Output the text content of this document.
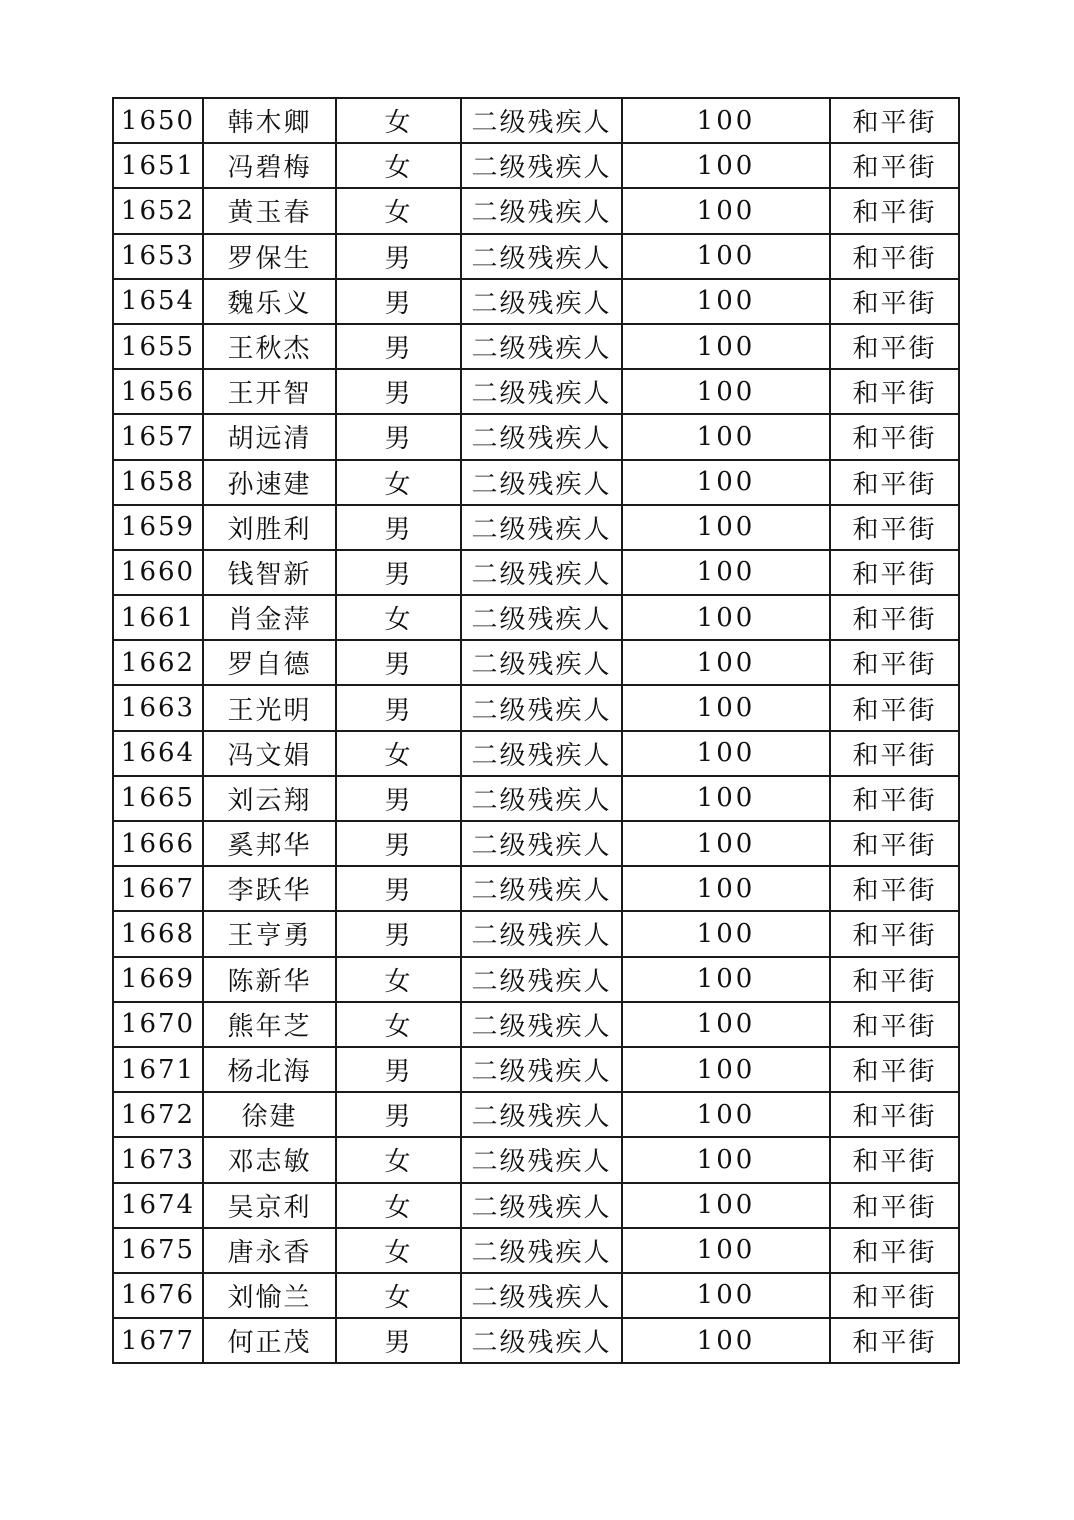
1650	韩木卿	女	二级残疾人	100	和平街
1651	冯碧梅	女	二级残疾人	100	和平街
1652	黄玉春	女	二级残疾人	100	和平街
1653	罗保生	男	二级残疾人	100	和平街
1654	魏乐义	男	二级残疾人	100	和平街
1655	王秋杰	男	二级残疾人	100	和平街
1656	王开智	男	二级残疾人	100	和平街
1657	胡远清	男	二级残疾人	100	和平街
1658	孙速建	女	二级残疾人	100	和平街
1659	刘胜利	男	二级残疾人	100	和平街
1660	钱智新	男	二级残疾人	100	和平街
1661	肖金萍	女	二级残疾人	100	和平街
1662	罗自德	男	二级残疾人	100	和平街
1663	王光明	男	二级残疾人	100	和平街
1664	冯文娟	女	二级残疾人	100	和平街
1665	刘云翔	男	二级残疾人	100	和平街
1666	奚邦华	男	二级残疾人	100	和平街
1667	李跃华	男	二级残疾人	100	和平街
1668	王亨勇	男	二级残疾人	100	和平街
1669	陈新华	女	二级残疾人	100	和平街
1670	熊年芝	女	二级残疾人	100	和平街
1671	杨北海	男	二级残疾人	100	和平街
1672	徐建	男	二级残疾人	100	和平街
1673	邓志敏	女	二级残疾人	100	和平街
1674	吴京利	女	二级残疾人	100	和平街
1675	唐永香	女	二级残疾人	100	和平街
1676	刘愉兰	女	二级残疾人	100	和平街
1677	何正茂	男	二级残疾人	100	和平街
